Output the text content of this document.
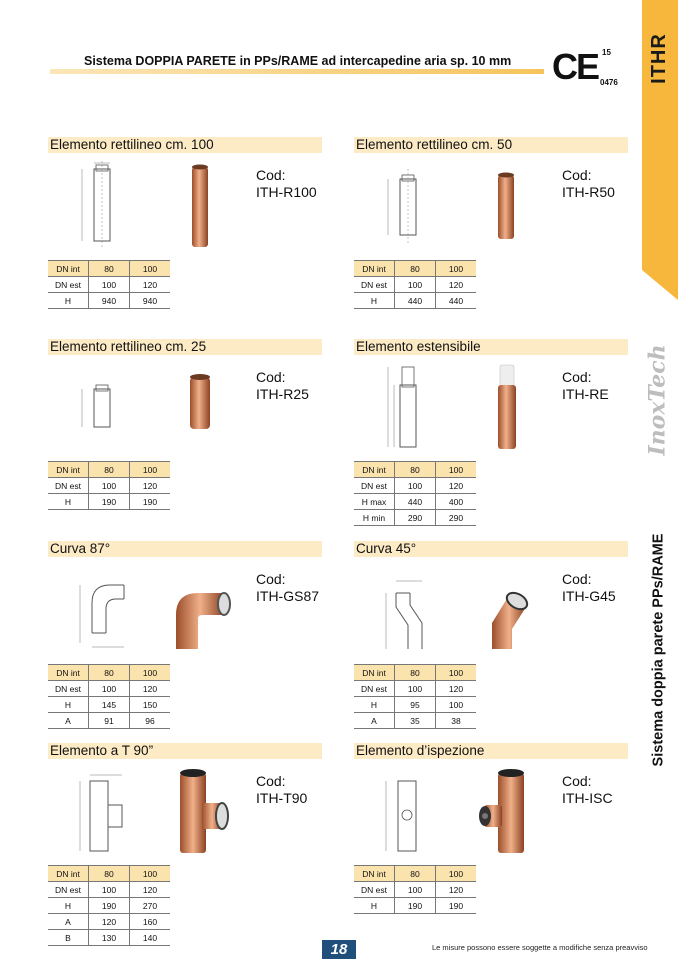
ITHR
InoxTech
Sistema doppia parete PPs/RAME
Sistema DOPPIA PARETE in PPs/RAME ad intercapedine aria sp. 10 mm CE 15
0476
Elemento rettilineo cm. 100
Cod:
ITH-R100
DN int	80	100
DN est	100	120
H	940	940
Elemento rettilineo cm. 50
Cod:
ITH-R50
DN int	80	100
DN est	100	120
H	440	440
Elemento rettilineo cm. 25
Cod:
ITH-R25
DN int	80	100
DN est	100	120
H	190	190
Elemento estensibile
Cod:
ITH-RE
DN int	80	100
DN est	100	120
H max	440	400
H min	290	290
Curva 87°
Cod:
ITH-GS87
DN int	80	100
DN est	100	120
H	145	150
A	91	96
Curva 45°
Cod:
ITH-G45
DN int	80	100
DN est	100	120
H	95	100
A	35	38
Elemento a T 90”
Cod:
ITH-T90
DN int	80	100
DN est	100	120
H	190	270
A	120	160
B	130	140
Elemento d’ispezione
Cod:
ITH-ISC
DN int	80	100
DN est	100	120
H	190	190
18	Le misure possono essere soggette a modifiche senza preavviso
